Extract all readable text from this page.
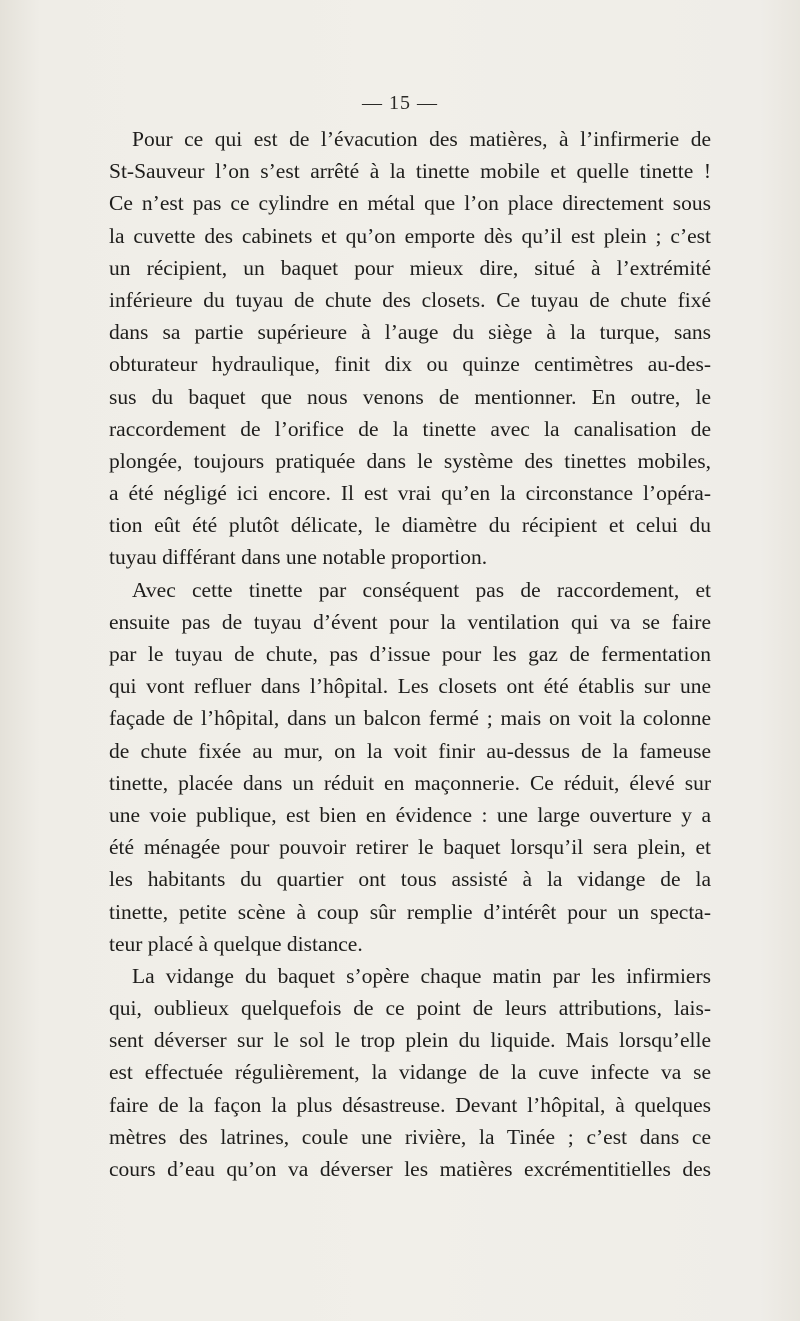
— 15 —
Pour ce qui est de l’évacution des matières, à l’infirmerie de
St-Sauveur l’on s’est arrêté à la tinette mobile et quelle tinette !
Ce n’est pas ce cylindre en métal que l’on place directement sous
la cuvette des cabinets et qu’on emporte dès qu’il est plein ; c’est
un récipient, un baquet pour mieux dire, situé à l’extrémité
inférieure du tuyau de chute des closets. Ce tuyau de chute fixé
dans sa partie supérieure à l’auge du siège à la turque, sans
obturateur hydraulique, finit dix ou quinze centimètres au-des-
sus du baquet que nous venons de mentionner. En outre, le
raccordement de l’orifice de la tinette avec la canalisation de
plongée, toujours pratiquée dans le système des tinettes mobiles,
a été négligé ici encore. Il est vrai qu’en la circonstance l’opéra-
tion eût été plutôt délicate, le diamètre du récipient et celui du
tuyau différant dans une notable proportion.
Avec cette tinette par conséquent pas de raccordement, et
ensuite pas de tuyau d’évent pour la ventilation qui va se faire
par le tuyau de chute, pas d’issue pour les gaz de fermentation
qui vont refluer dans l’hôpital. Les closets ont été établis sur une
façade de l’hôpital, dans un balcon fermé ; mais on voit la colonne
de chute fixée au mur, on la voit finir au-dessus de la fameuse
tinette, placée dans un réduit en maçonnerie. Ce réduit, élevé sur
une voie publique, est bien en évidence : une large ouverture y a
été ménagée pour pouvoir retirer le baquet lorsqu’il sera plein, et
les habitants du quartier ont tous assisté à la vidange de la
tinette, petite scène à coup sûr remplie d’intérêt pour un specta-
teur placé à quelque distance.
La vidange du baquet s’opère chaque matin par les infirmiers
qui, oublieux quelquefois de ce point de leurs attributions, lais-
sent déverser sur le sol le trop plein du liquide. Mais lorsqu’elle
est effectuée régulièrement, la vidange de la cuve infecte va se
faire de la façon la plus désastreuse. Devant l’hôpital, à quelques
mètres des latrines, coule une rivière, la Tinée ; c’est dans ce
cours d’eau qu’on va déverser les matières excrémentitielles des
